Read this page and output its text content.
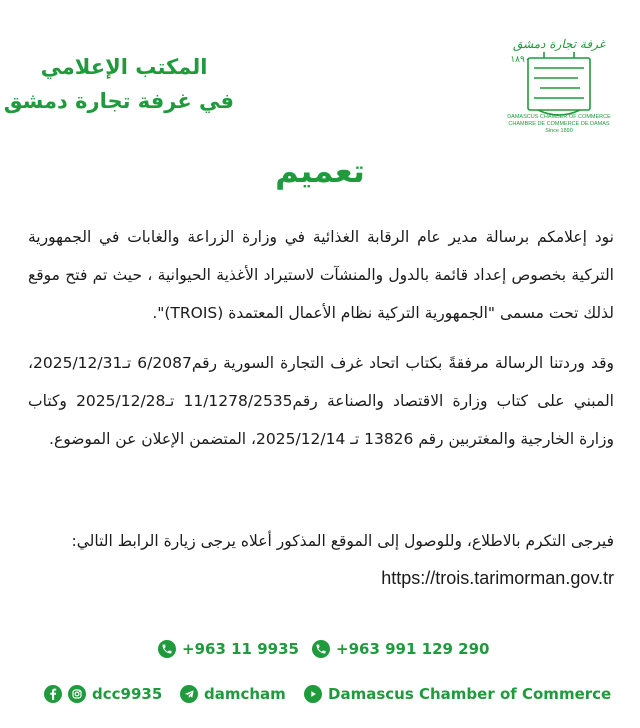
المكتب الإعلامي
في غرفة تجارة دمشق
غرفة تجارة دمشق
١٨٩٠
DAMASCUS CHAMBER OF COMMERCE
CHAMBRE DE COMMERCE DE DAMAS
Since 1890
تعميم
نود إعلامكم برسالة مدير عام الرقابة الغذائية في وزارة الزراعة والغابات في الجمهورية التركية بخصوص إعداد قائمة بالدول والمنشآت لاستيراد الأغذية الحيوانية ، حيث تم فتح موقع لذلك تحت مسمى "الجمهورية التركية نظام الأعمال المعتمدة (TROIS)".
وقد وردتنا الرسالة مرفقةً بكتاب اتحاد غرف التجارة السورية رقم6/2087 تـ2025/12/31، المبني على كتاب وزارة الاقتصاد والصناعة رقم11/1278/2535 تـ2025/12/28 وكتاب وزارة الخارجية والمغتربين رقم 13826 تـ 2025/12/14، المتضمن الإعلان عن الموضوع.
فيرجى التكرم بالاطلاع، وللوصول إلى الموقع المذكور أعلاه يرجى زيارة الرابط التالي:
https://trois.tarimorman.gov.tr
+963 11 9935 +963 991 129 290
dcc9935	damcham	Damascus Chamber of Commerce
